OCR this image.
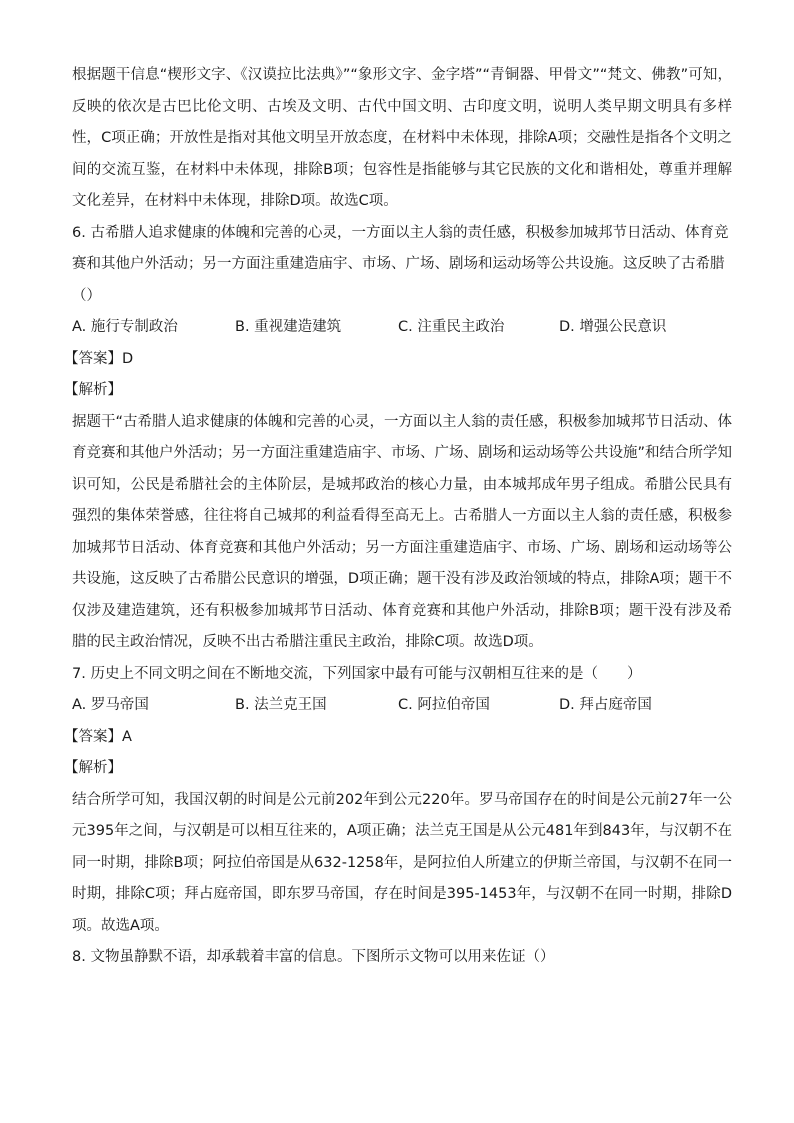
根据题干信息“楔形文字、《汉谟拉比法典》”“象形文字、金字塔”“青铜器、甲骨文”“梵文、佛教”可知，反映的依次是古巴比伦文明、古埃及文明、古代中国文明、古印度文明，说明人类早期文明具有多样性，C项正确；开放性是指对其他文明呈开放态度，在材料中未体现，排除A项；交融性是指各个文明之间的交流互鉴，在材料中未体现，排除B项；包容性是指能够与其它民族的文化和谐相处，尊重并理解文化差异，在材料中未体现，排除D项。故选C项。

6. 古希腊人追求健康的体魄和完善的心灵，一方面以主人翁的责任感，积极参加城邦节日活动、体育竞赛和其他户外活动；另一方面注重建造庙宇、市场、广场、剧场和运动场等公共设施。这反映了古希腊（）

A. 施行专制政治	B. 重视建造建筑	C. 注重民主政治	D. 增强公民意识

【答案】D

【解析】

据题干“古希腊人追求健康的体魄和完善的心灵，一方面以主人翁的责任感，积极参加城邦节日活动、体育竞赛和其他户外活动；另一方面注重建造庙宇、市场、广场、剧场和运动场等公共设施”和结合所学知识可知，公民是希腊社会的主体阶层，是城邦政治的核心力量，由本城邦成年男子组成。希腊公民具有强烈的集体荣誉感，往往将自己城邦的利益看得至高无上。古希腊人一方面以主人翁的责任感，积极参加城邦节日活动、体育竞赛和其他户外活动；另一方面注重建造庙宇、市场、广场、剧场和运动场等公共设施，这反映了古希腊公民意识的增强，D项正确；题干没有涉及政治领域的特点，排除A项；题干不仅涉及建造建筑，还有积极参加城邦节日活动、体育竞赛和其他户外活动，排除B项；题干没有涉及希腊的民主政治情况，反映不出古希腊注重民主政治，排除C项。故选D项。

7. 历史上不同文明之间在不断地交流，下列国家中最有可能与汉朝相互往来的是（　　）

A. 罗马帝国	B. 法兰克王国	C. 阿拉伯帝国	D. 拜占庭帝国

【答案】A

【解析】

结合所学可知，我国汉朝的时间是公元前202年到公元220年。罗马帝国存在的时间是公元前27年一公元395年之间，与汉朝是可以相互往来的，A项正确；法兰克王国是从公元481年到843年，与汉朝不在同一时期，排除B项；阿拉伯帝国是从632-1258年，是阿拉伯人所建立的伊斯兰帝国，与汉朝不在同一时期，排除C项；拜占庭帝国，即东罗马帝国，存在时间是395-1453年，与汉朝不在同一时期，排除D项。故选A项。

8. 文物虽静默不语，却承载着丰富的信息。下图所示文物可以用来佐证（）
